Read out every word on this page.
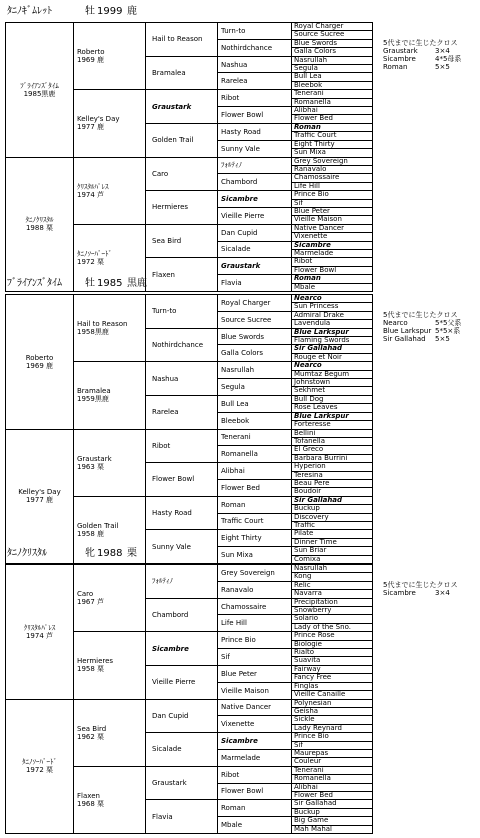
ﾀﾆﾉｷﾞﾑﾚｯﾄ	牡 1999 鹿
ﾌﾞﾗｲｱﾝｽﾞﾀｲﾑ
1985黒鹿	Roberto
1969 鹿	Hail to Reason	Turn-to	Royal Charger
				Source Sucree
			Nothirdchance	Blue Swords
				Galla Colors
		Bramalea	Nashua	Nasrullah
				Segula
			Rarelea	Bull Lea
				Bleebok

	Kelley's Day
1977 鹿	Graustark	Ribot	Tenerani
				Romanella
			Flower Bowl	Alibhai
				Flower Bed
		Golden Trail	Hasty Road	Roman
				Traffic Court
			Sunny Vale	Eight Thirty
				Sun Mixa

ﾀﾆﾉｸﾘｽﾀﾙ
1988 栗	ｸﾘｽﾀﾙﾊﾟﾚｽ
1974 芦	Caro	ﾌｫﾙﾃｨﾉ	Grey Sovereign
				Ranavalo
			Chambord	Chamossaire
				Life Hill
		Hermieres	Sicambre	Prince Bio
				Sif
			Vieille Pierre	Blue Peter
				Vieille Maison

	ﾀﾆﾉｿｰﾊﾞｰﾄﾞ
1972 栗	Sea Bird	Dan Cupid	Native Dancer
				Vixenette
			Sicalade	Sicambre
				Marmelade
		Flaxen	Graustark	Ribot
				Flower Bowl
			Flavia	Roman
				Mbale
5代までに生じたクロス
Graustark 3×4
Sicambre	4*5母系
Roman	5×5
ﾌﾞﾗｲｱﾝｽﾞﾀｲﾑ 牡 1985 黒鹿
Roberto
1969 鹿	Hail to Reason
1958黒鹿	Turn-to	Royal Charger	Nearco
				Sun Princess
			Source Sucree	Admiral Drake
				Lavendula
		Nothirdchance	Blue Swords	Blue Larkspur
				Flaming Swords
			Galla Colors	Sir Gallahad
				Rouge et Noir

	Bramalea
1959黒鹿	Nashua	Nasrullah	Nearco
				Mumtaz Begum
			Segula	Johnstown
				Sekhmet
		Rarelea	Bull Lea	Bull Dog
				Rose Leaves
			Bleebok	Blue Larkspur
				Forteresse

Kelley's Day
1977 鹿	Graustark
1963 栗	Ribot	Tenerani	Bellini
				Tofanella
			Romanella	El Greco
				Barbara Burrini
		Flower Bowl	Alibhai	Hyperion
				Teresina
			Flower Bed	Beau Pere
				Boudoir

	Golden Trail
1958 鹿	Hasty Road	Roman	Sir Gallahad
				Buckup
			Traffic Court	Discovery
				Traffic
		Sunny Vale	Eight Thirty	Pilate
				Dinner Time
			Sun Mixa	Sun Briar
				Comixa
5代までに生じたクロス
Nearco	5*5父系
Blue Larkspur 5*5×系
Sir Gallahad 5×5
ﾀﾆﾉｸﾘｽﾀﾙ	牝 1988 栗
ｸﾘｽﾀﾙﾊﾟﾚｽ
1974 芦	Caro
1967 芦	ﾌｫﾙﾃｨﾉ	Grey Sovereign	Nasrullah
				Kong
			Ranavalo	Relic
				Navarra
		Chambord	Chamossaire	Precipitation
				Snowberry
			Life Hill	Solario
				Lady of the Sno.

	Hermieres
1958 栗	Sicambre	Prince Bio	Prince Rose
				Biologie
			Sif	Rialto
				Suavita
		Vieille Pierre	Blue Peter	Fairway
				Fancy Free
			Vieille Maison	Finglas
				Vieille Canaille

ﾀﾆﾉｿｰﾊﾞｰﾄﾞ
1972 栗	Sea Bird
1962 栗	Dan Cupid	Native Dancer	Polynesian
				Geisha
			Vixenette	Sickle
				Lady Reynard
		Sicalade	Sicambre	Prince Bio
				Sif
			Marmelade	Maurepas
				Couleur

	Flaxen
1968 栗	Graustark	Ribot	Tenerani
				Romanella
			Flower Bowl	Alibhai
				Flower Bed
		Flavia	Roman	Sir Gallahad
				Buckup
			Mbale	Big Game
				Mah Mahal
5代までに生じたクロス
Sicambre	3×4
